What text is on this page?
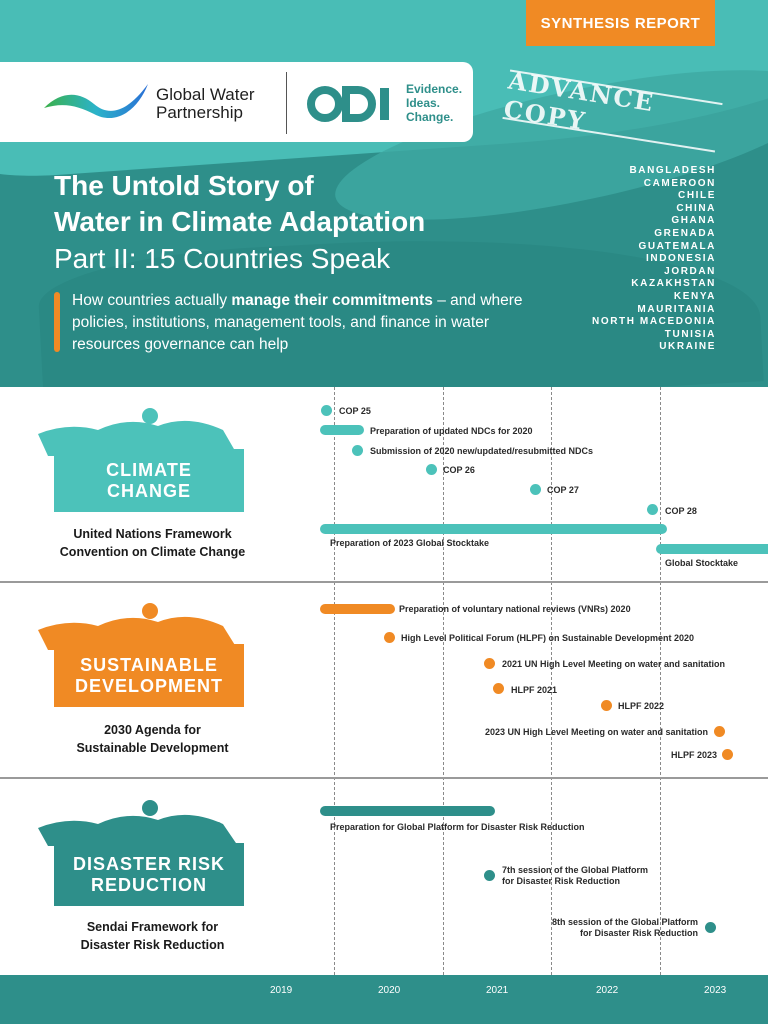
SYNTHESIS REPORT
Global Water
Partnership
Evidence.
Ideas.
Change.	ADVANCE COPY
The Untold Story of
Water in Climate Adaptation
Part II: 15 Countries Speak
How countries actually manage their commitments – and where policies, institutions, management tools, and finance in water resources governance can help
BANGLADESH
CAMEROON
CHILE
CHINA
GHANA
GRENADA
GUATEMALA
INDONESIA
JORDAN
KAZAKHSTAN
KENYA
MAURITANIA
NORTH MACEDONIA
TUNISIA
UKRAINE
CLIMATE
CHANGE
United Nations Framework
Convention on Climate Change
COP 25
Preparation of updated NDCs for 2020
Submission of 2020 new/updated/resubmitted NDCs
COP 26
COP 27
COP 28
Preparation of 2023 Global Stocktake
Global Stocktake
SUSTAINABLE
DEVELOPMENT
2030 Agenda for
Sustainable Development
Preparation of voluntary national reviews (VNRs) 2020
High Level Political Forum (HLPF) on Sustainable Development 2020
2021 UN High Level Meeting on water and sanitation
HLPF 2021
HLPF 2022
2023 UN High Level Meeting on water and sanitation
HLPF 2023
DISASTER RISK
REDUCTION
Sendai Framework for
Disaster Risk Reduction
Preparation for Global Platform for Disaster Risk Reduction
7th session of the Global Platform
for Disaster Risk Reduction
8th session of the Global Platform
for Disaster Risk Reduction
2019	2020	2021	2022	2023
